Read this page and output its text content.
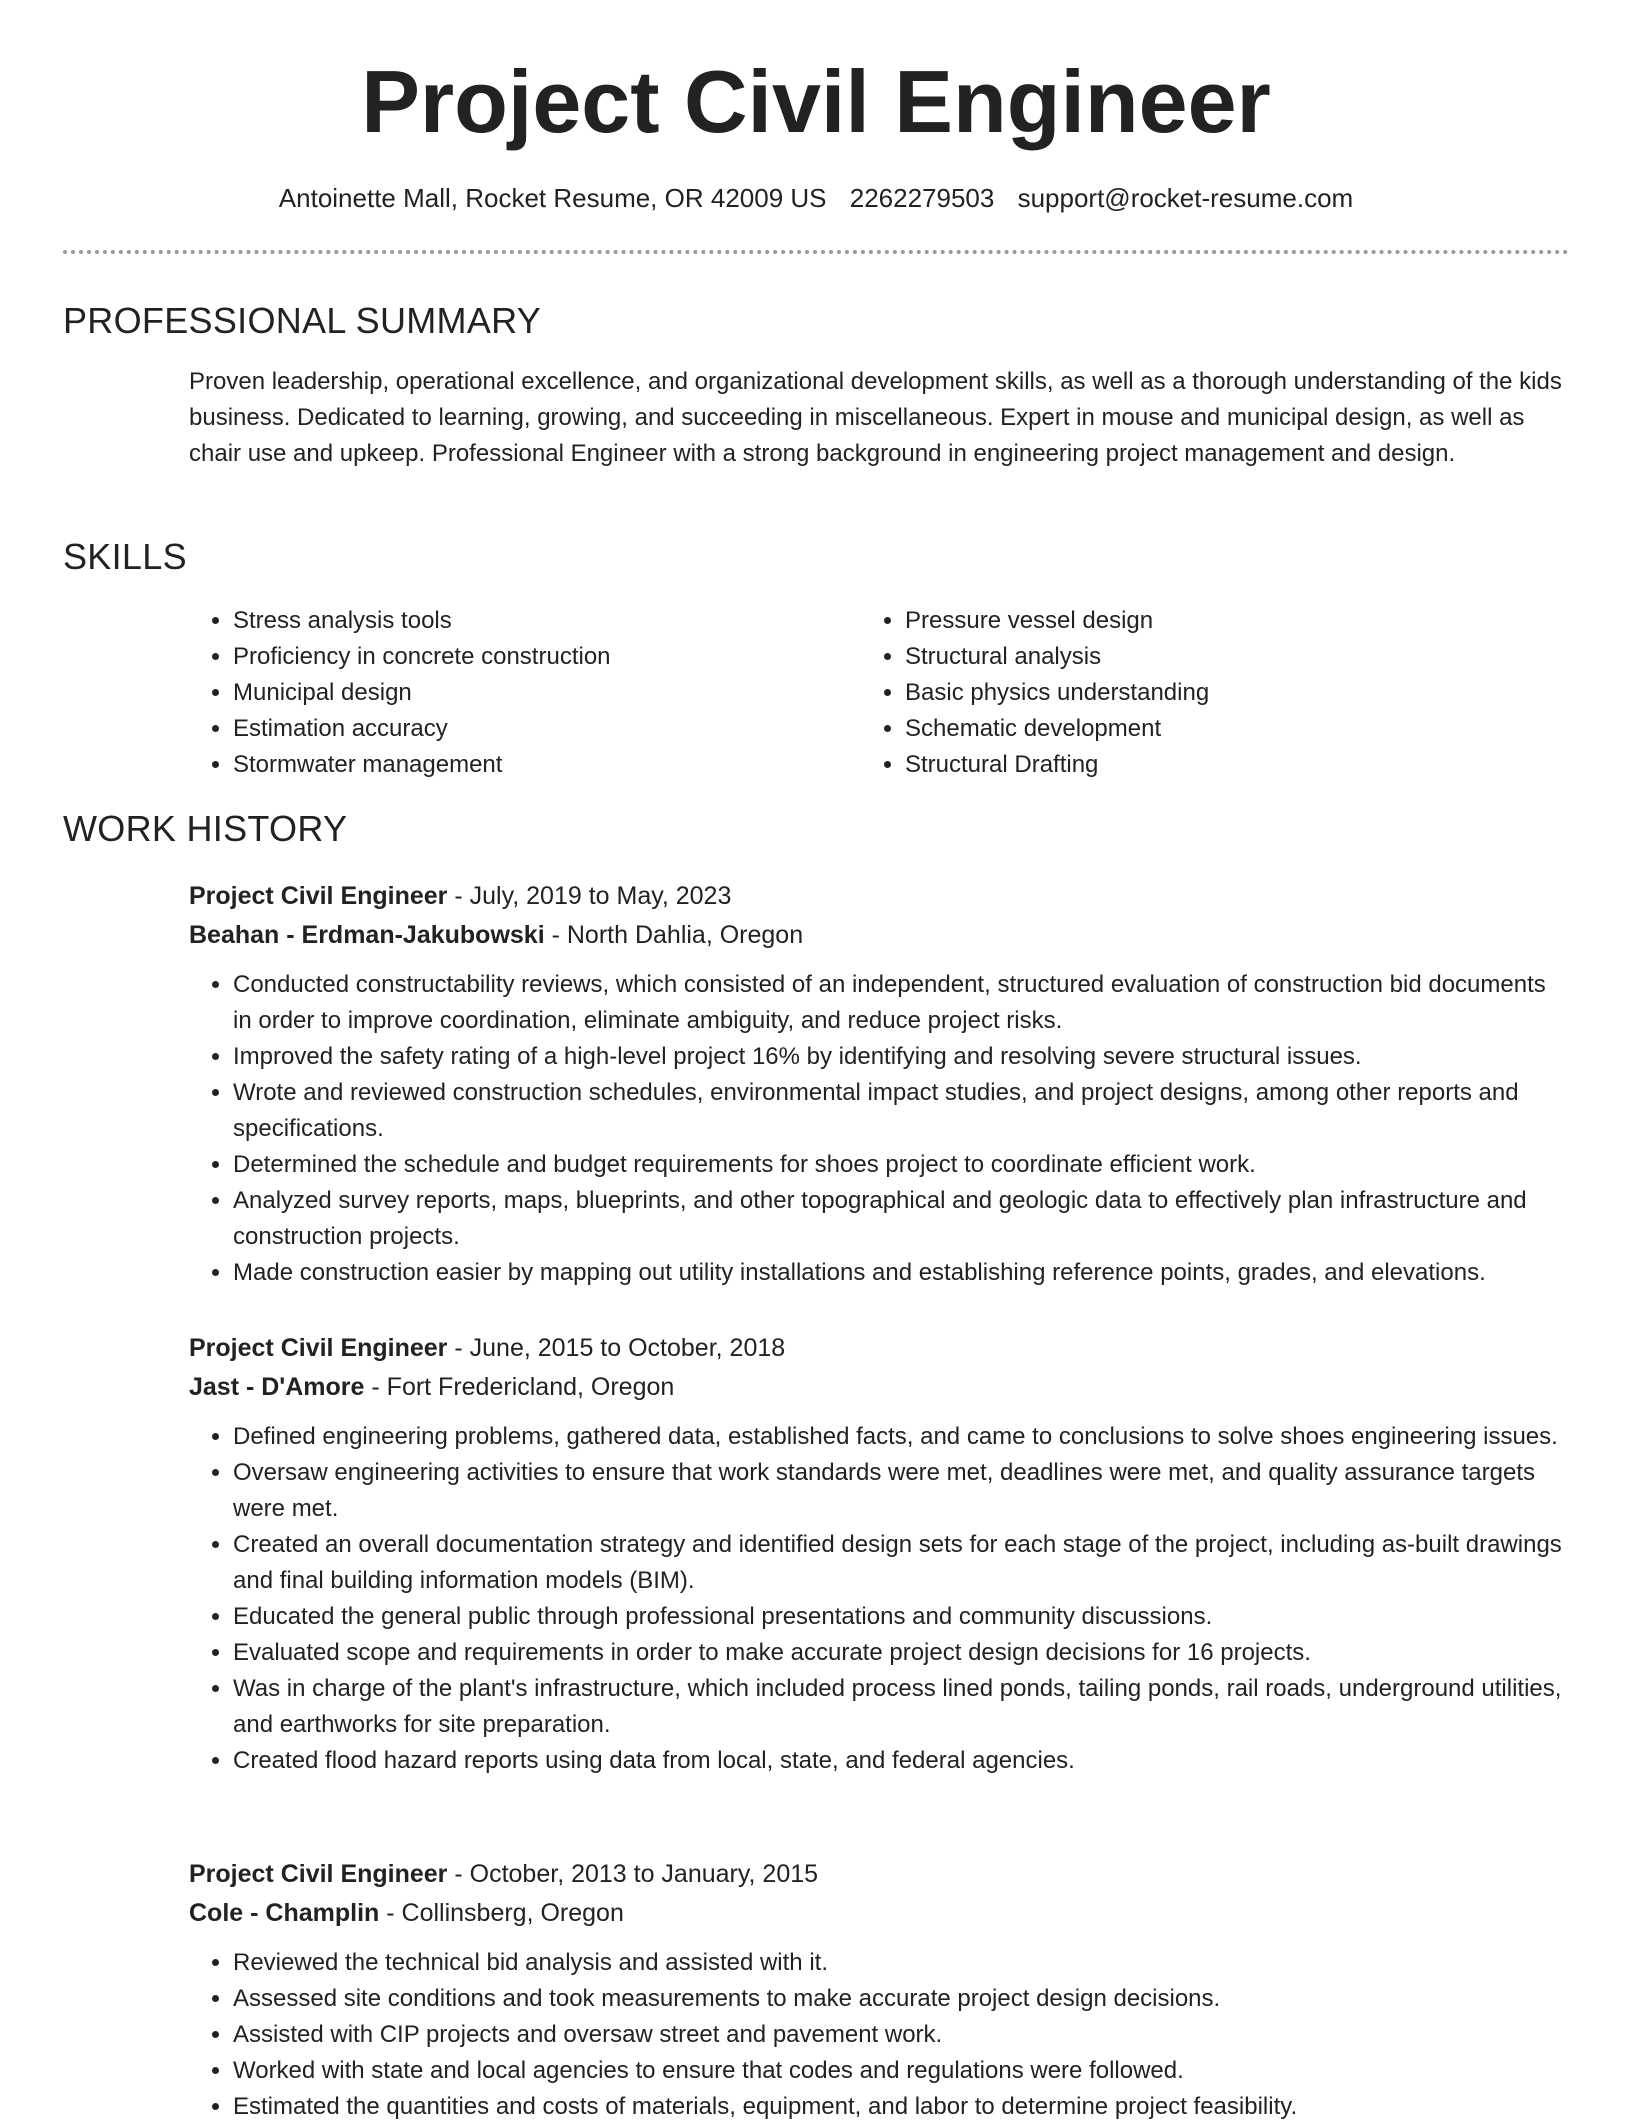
Project Civil Engineer
Antoinette Mall, Rocket Resume, OR 42009 US 2262279503 support@rocket-resume.com
PROFESSIONAL SUMMARY

Proven leadership, operational excellence, and organizational development skills, as well as a thorough understanding of the kids business. Dedicated to learning, growing, and succeeding in miscellaneous. Expert in mouse and municipal design, as well as chair use and upkeep. Professional Engineer with a strong background in engineering project management and design.

SKILLS
• Stress analysis tools
• Proficiency in concrete construction
• Municipal design
• Estimation accuracy
• Stormwater management
• Pressure vessel design
• Structural analysis
• Basic physics understanding
• Schematic development
• Structural Drafting
WORK HISTORY

Project Civil Engineer - July, 2019 to May, 2023

Beahan - Erdman-Jakubowski - North Dahlia, Oregon

• Conducted constructability reviews, which consisted of an independent, structured evaluation of construction bid documents in order to improve coordination, eliminate ambiguity, and reduce project risks.
• Improved the safety rating of a high-level project 16% by identifying and resolving severe structural issues.
• Wrote and reviewed construction schedules, environmental impact studies, and project designs, among other reports and specifications.
• Determined the schedule and budget requirements for shoes project to coordinate efficient work.
• Analyzed survey reports, maps, blueprints, and other topographical and geologic data to effectively plan infrastructure and construction projects.
• Made construction easier by mapping out utility installations and establishing reference points, grades, and elevations.

Project Civil Engineer - June, 2015 to October, 2018

Jast - D'Amore - Fort Fredericland, Oregon

• Defined engineering problems, gathered data, established facts, and came to conclusions to solve shoes engineering issues.
• Oversaw engineering activities to ensure that work standards were met, deadlines were met, and quality assurance targets were met.
• Created an overall documentation strategy and identified design sets for each stage of the project, including as-built drawings and final building information models (BIM).
• Educated the general public through professional presentations and community discussions.
• Evaluated scope and requirements in order to make accurate project design decisions for 16 projects.
• Was in charge of the plant's infrastructure, which included process lined ponds, tailing ponds, rail roads, underground utilities, and earthworks for site preparation.
• Created flood hazard reports using data from local, state, and federal agencies.

Project Civil Engineer - October, 2013 to January, 2015

Cole - Champlin - Collinsberg, Oregon

• Reviewed the technical bid analysis and assisted with it.
• Assessed site conditions and took measurements to make accurate project design decisions.
• Assisted with CIP projects and oversaw street and pavement work.
• Worked with state and local agencies to ensure that codes and regulations were followed.
• Estimated the quantities and costs of materials, equipment, and labor to determine project feasibility.
